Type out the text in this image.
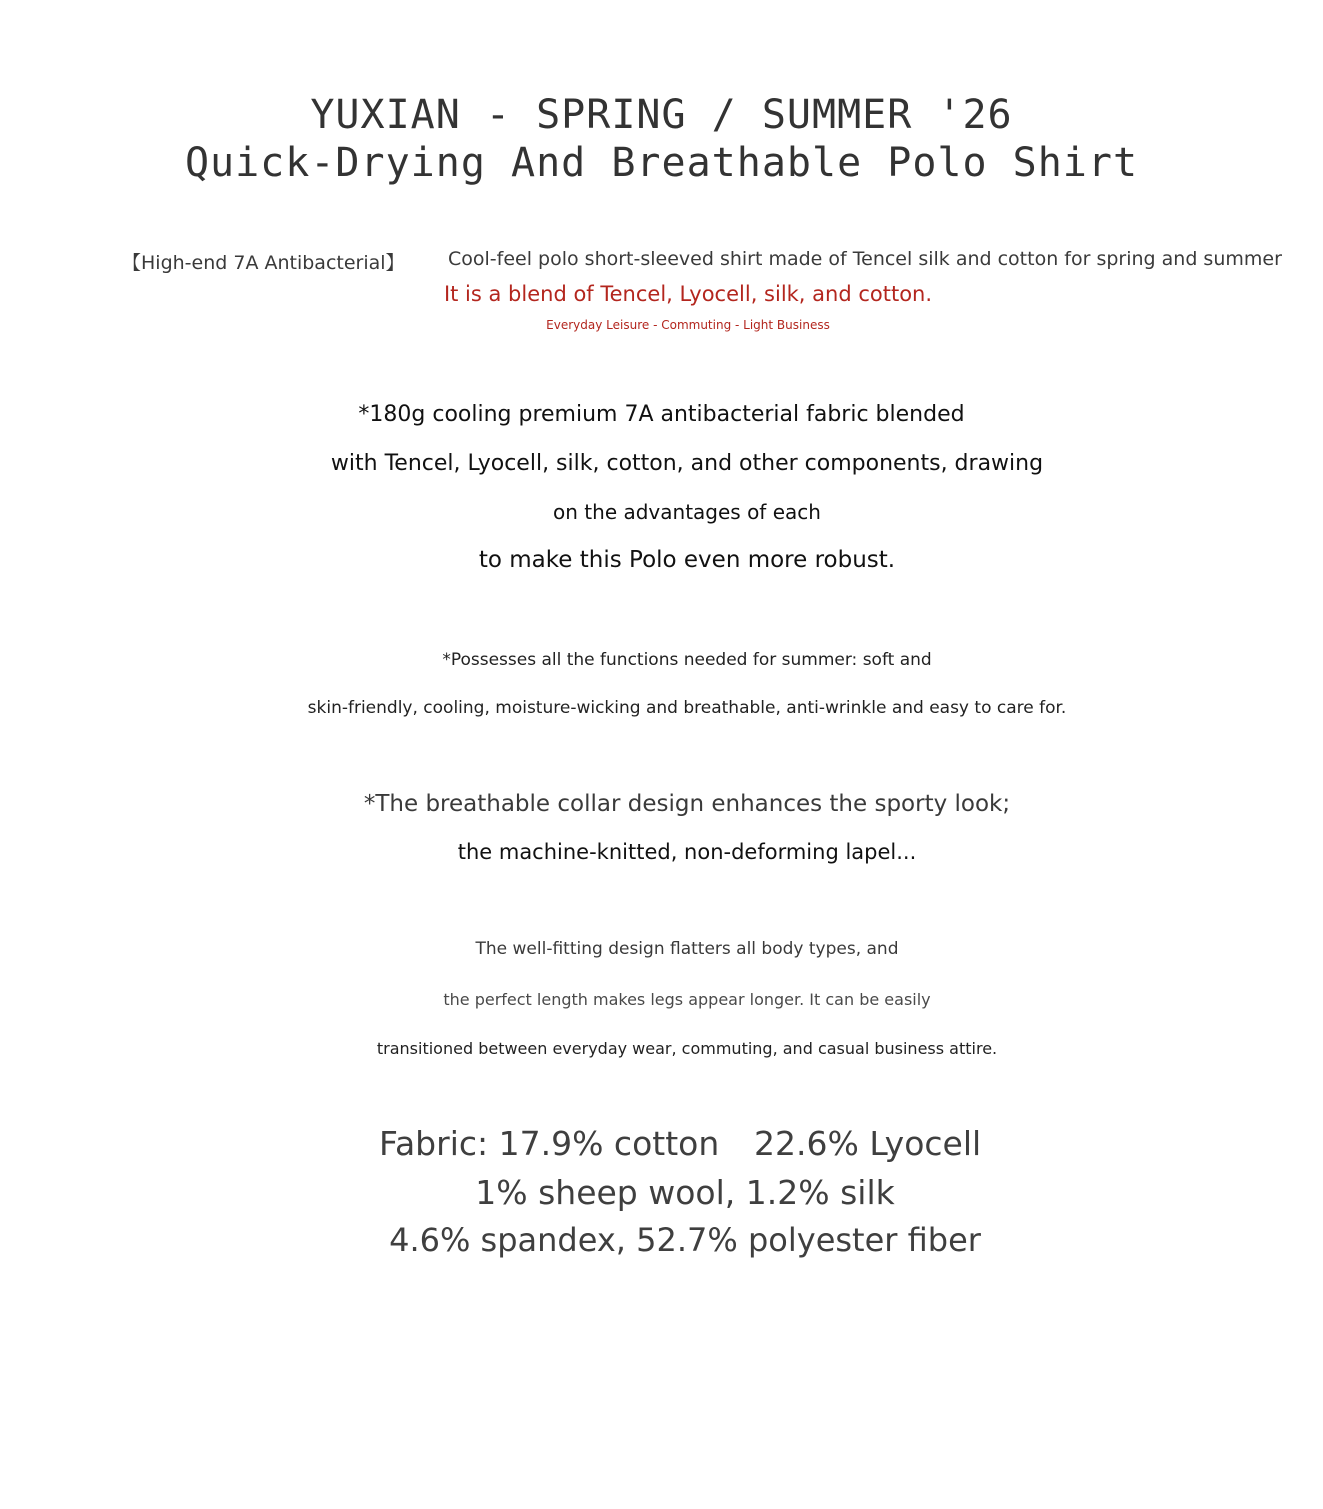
YUXIAN - SPRING / SUMMER '26
Quick-Drying And Breathable Polo Shirt
【High-end 7A Antibacterial】 Cool-feel polo short-sleeved shirt made of Tencel silk and cotton for spring and summer
It is a blend of Tencel, Lyocell, silk, and cotton.
Everyday Leisure - Commuting - Light Business
*180g cooling premium 7A antibacterial fabric blended
with Tencel, Lyocell, silk, cotton, and other components, drawing
on the advantages of each
to make this Polo even more robust.
*Possesses all the functions needed for summer: soft and
skin-friendly, cooling, moisture-wicking and breathable, anti-wrinkle and easy to care for.
*The breathable collar design enhances the sporty look;
the machine-knitted, non-deforming lapel...
The well-fitting design flatters all body types, and
the perfect length makes legs appear longer. It can be easily
transitioned between everyday wear, commuting, and casual business attire.
Fabric: 17.9% cotton 22.6% Lyocell
1% sheep wool, 1.2% silk
4.6% spandex, 52.7% polyester fiber
